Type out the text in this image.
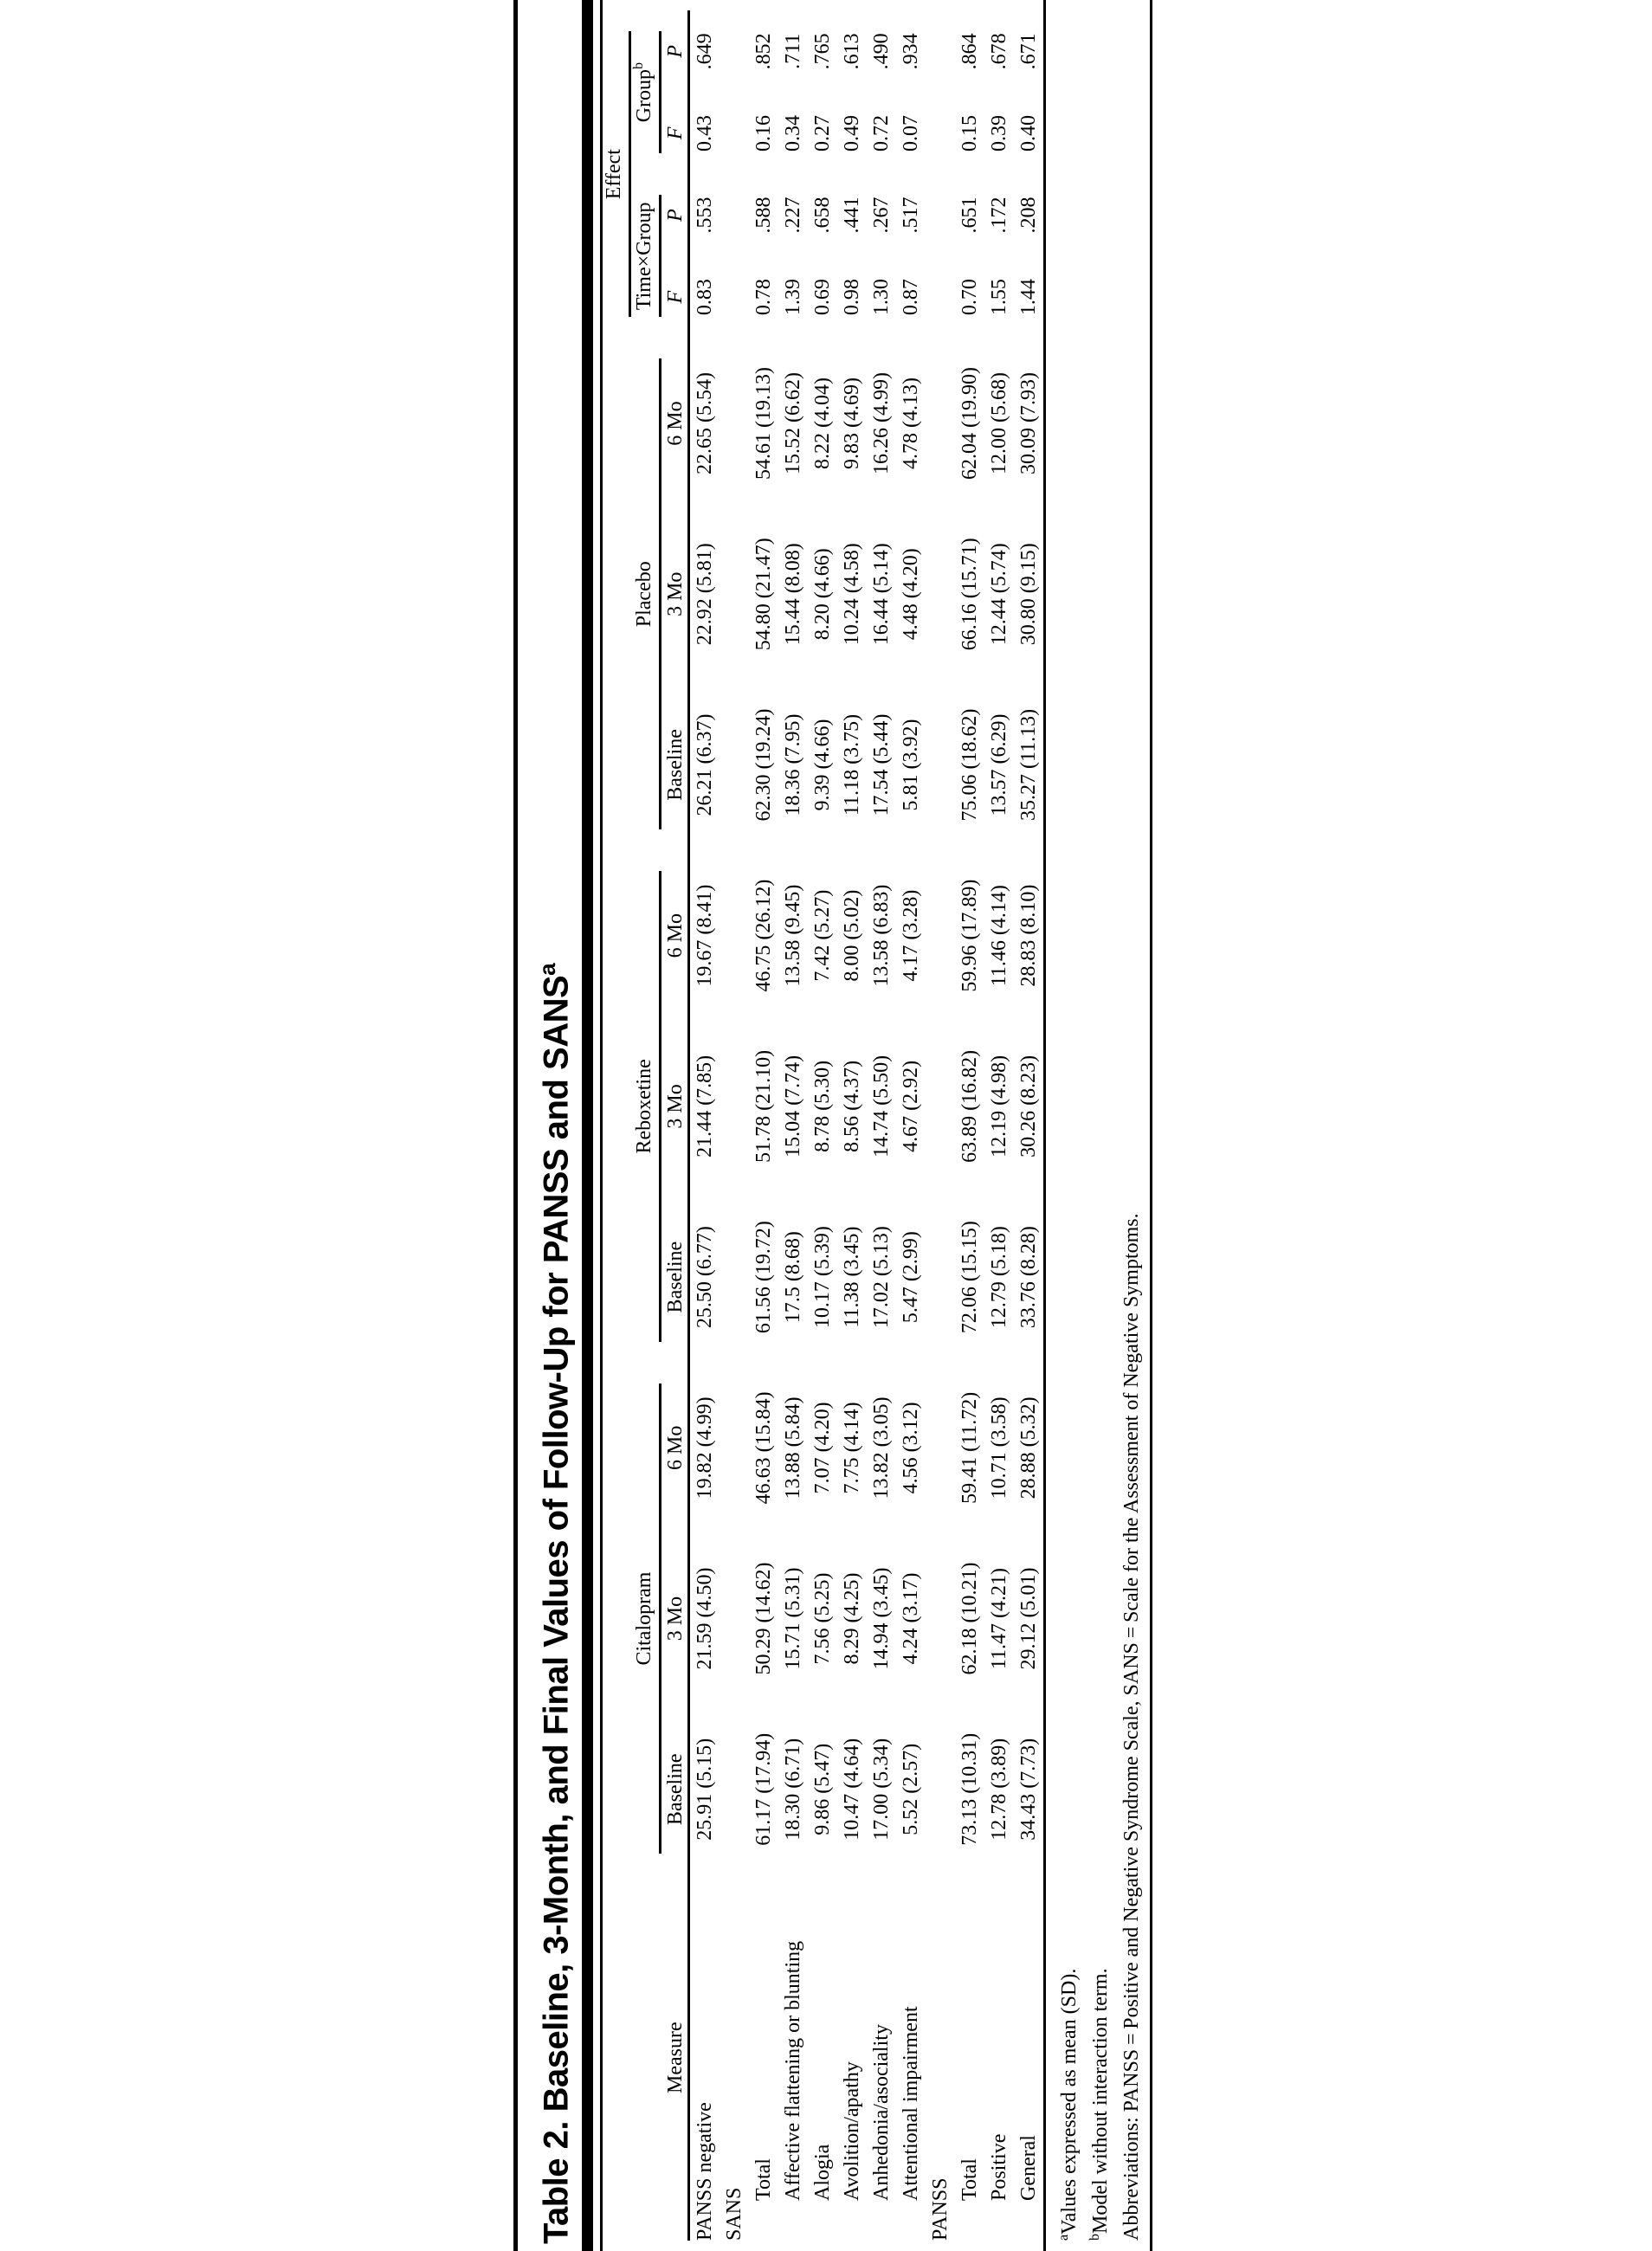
Table 2. Baseline, 3-Month, and Final Values of Follow-Up for PANSS and SANS$^a$

										Effect			

	Citalopram			Reboxetine			Placebo			Time×Group		Group$^b$

Measure	Baseline	3 Mo	6 Mo	Baseline	3 Mo	6 Mo	Baseline	3 Mo	6 Mo	F	P	F	P
PANSS negative	25.91 (5.15)	21.59 (4.50)	19.82 (4.99)	25.50 (6.77)	21.44 (7.85)	19.67 (8.41)	26.21 (6.37)	22.92 (5.81)	22.65 (5.54)	0.83	.553	0.43	.649
SANS													
Total	61.17 (17.94)	50.29 (14.62)	46.63 (15.84)	61.56 (19.72)	51.78 (21.10)	46.75 (26.12)	62.30 (19.24)	54.80 (21.47)	54.61 (19.13)	0.78	.588	0.16	.852
Affective flattening or blunting	18.30 (6.71)	15.71 (5.31)	13.88 (5.84)	17.5 (8.68)	15.04 (7.74)	13.58 (9.45)	18.36 (7.95)	15.44 (8.08)	15.52 (6.62)	1.39	.227	0.34	.711
Alogia	9.86 (5.47)	7.56 (5.25)	7.07 (4.20)	10.17 (5.39)	8.78 (5.30)	7.42 (5.27)	9.39 (4.66)	8.20 (4.66)	8.22 (4.04)	0.69	.658	0.27	.765
Avolition/apathy	10.47 (4.64)	8.29 (4.25)	7.75 (4.14)	11.38 (3.45)	8.56 (4.37)	8.00 (5.02)	11.18 (3.75)	10.24 (4.58)	9.83 (4.69)	0.98	.441	0.49	.613
Anhedonia/asociality	17.00 (5.34)	14.94 (3.45)	13.82 (3.05)	17.02 (5.13)	14.74 (5.50)	13.58 (6.83)	17.54 (5.44)	16.44 (5.14)	16.26 (4.99)	1.30	.267	0.72	.490
Attentional impairment	5.52 (2.57)	4.24 (3.17)	4.56 (3.12)	5.47 (2.99)	4.67 (2.92)	4.17 (3.28)	5.81 (3.92)	4.48 (4.20)	4.78 (4.13)	0.87	.517	0.07	.934
PANSS													
Total	73.13 (10.31)	62.18 (10.21)	59.41 (11.72)	72.06 (15.15)	63.89 (16.82)	59.96 (17.89)	75.06 (18.62)	66.16 (15.71)	62.04 (19.90)	0.70	.651	0.15	.864
Positive	12.78 (3.89)	11.47 (4.21)	10.71 (3.58)	12.79 (5.18)	12.19 (4.98)	11.46 (4.14)	13.57 (6.29)	12.44 (5.74)	12.00 (5.68)	1.55	.172	0.39	.678
General	34.43 (7.73)	29.12 (5.01)	28.88 (5.32)	33.76 (8.28)	30.26 (8.23)	28.83 (8.10)	35.27 (11.13)	30.80 (9.15)	30.09 (7.93)	1.44	.208	0.40	.671
$^a$Values expressed as mean (SD).
$^b$Model without interaction term. Abbreviations: PANSS = Positive and Negative Syndrome Scale, SANS = Scale for the Assessment of Negative Symptoms.
